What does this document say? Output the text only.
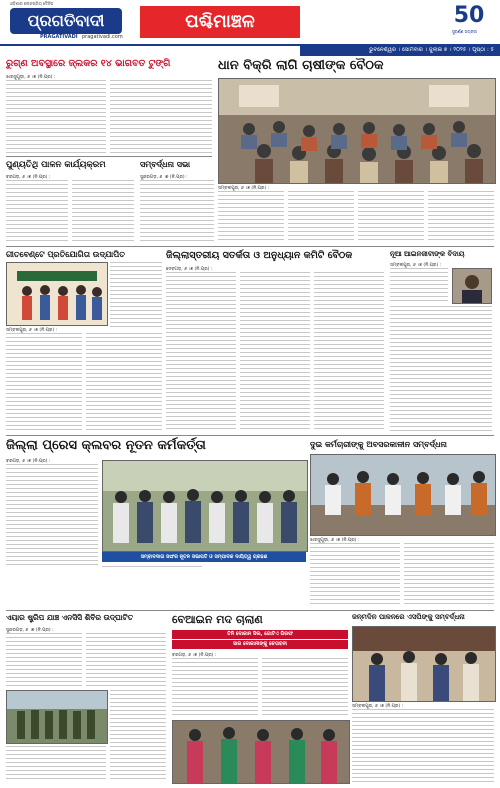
ଓଡ଼ିଶାର ଲୋକପ୍ରିୟ ଦୈନିକ
ପ୍ରଗତିବାଦୀ
PRAGATIVADI pragativadi.com
ପଶ୍ଚିମାଞ୍ଚଳ	50
ସୁବର୍ଣ୍ଣ ଜୟନ୍ତୀ
ଭୁବନେଶ୍ୱର । ସୋମବାର । ଜୁଲାଇ ୭ । ୨୦୨୫ । ପୃଷ୍ଠା : ୫
ରୁଗ୍‌ଣ ଅବସ୍ଥାରେ ଜ୍ଲକର ୧୪ ଭାଗବତ ଟୁଙ୍ଗି
ଝାରସୁଗୁଡ଼ା, ୬ ।୭ (ନି.ପ୍ର) :
ଧାନ ବିକ୍ରି ଲାଗି ଚାଷୀଙ୍କ ବୈଠକ
ସମ୍ବଲପୁର, ୬ ।୭ (ନି.ପ୍ର) :
ପୁଣ୍ୟତିଥି ପାଳନ କାର୍ଯ୍ୟକ୍ରମ
ବରଗଡ଼, ୬ ।୭ (ନି.ପ୍ର) :
ସମ୍ବର୍ଦ୍ଧନା ସଭା
ସୁନ୍ଦରଗଡ଼, ୬ ।୭ (ନି.ପ୍ର) :
ଗୀତବେଣ୍ଟେ ପ୍ରତିଯୋଗିତା ଉଦ୍‌ଯାପିତ
ସମ୍ବଲପୁର, ୬ ।୭ (ନି.ପ୍ର) :
ଜିଲ୍ଲାସ୍ତରୀୟ ସତର୍କତା ଓ ଅନୁଧ୍ୟାନ କମିଟି ବୈଠକ
ଦେବଗଡ଼, ୬ ।୭ (ନି.ପ୍ର) :
ନୂଆ ଆଇନଜୀବୀଙ୍କ ବିଦାୟ
ସମ୍ବଲପୁର, ୬ ।୭ (ନି.ପ୍ର) :
ଜିଲ୍ଲା ପ୍ରେସ କ୍ଲବର ନୂତନ କର୍ମକର୍ତ୍ତା
ବରଗଡ଼, ୬ ।୭ (ନି.ପ୍ର) :
ସମ୍ବାଦଦାତା ସଙ୍ଘର ନୂତନ ସଭାପତି ଓ ସମ୍ପାଦକ ଦାୟିତ୍ୱ ଗ୍ରହଣ
ଦୁଇ କର୍ମଚାରୀଙ୍କୁ ଅବସରକାଳୀନ ସମ୍ବର୍ଦ୍ଧନା
ଝାରସୁଗୁଡ଼ା, ୬ ।୭ (ନି.ପ୍ର) :
ଏୟାର ଷ୍ଟ୍ରିପ ଯାଞ୍ଚ ଏନସିସି ଶିବିର ଉଦ୍‌ଘାଟିତ
ସୁନ୍ଦରଗଡ଼, ୬ ।୭ (ନି.ପ୍ର) :
ବେଆଇନ ମଦ ଚାଲାଣ
ତିନି ଦୋକାନ ସିଲ, ଗୋଟିଏ ଗିରଫ
ସାର ଦୋକାନୀଙ୍କୁ ଚେତାବନୀ
ବରଗଡ଼, ୬ ।୭ (ନି.ପ୍ର) :
ଜନ୍ମଦିନ ପାଳନରେ ଏସପିଙ୍କୁ ସମ୍ବର୍ଦ୍ଧନା
ସମ୍ବଲପୁର, ୬ ।୭ (ନି.ପ୍ର) :
